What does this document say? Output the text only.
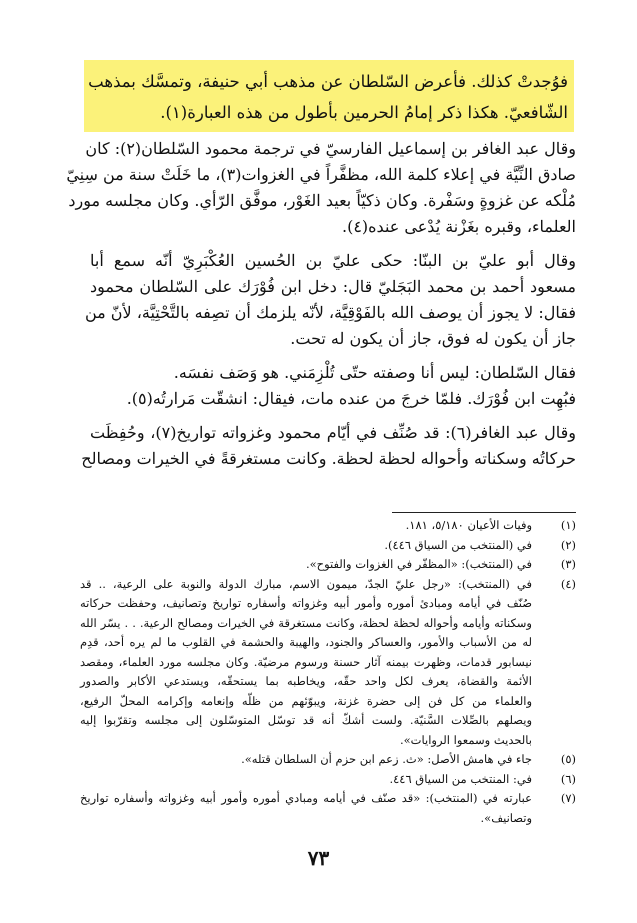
فوُجدتْ كذلك. فأعرض السّلطان عن مذهب أبي حنيفة، وتمسَّك بمذهب
الشّافعيّ. هكذا ذكر إمامُ الحرمين بأطول من هذه العبارة(١).
وقال عبد الغافر بن إسماعيل الفارسيّ في ترجمة محمود السّلطان(٢): كان
صادق النِّيَّة في إعلاء كلمة الله، مظفَّراً في الغزوات(٣)، ما خَلَتْ سنة من سِنِيّ
مُلْكه عن غزوةٍ وسَفْرة. وكان ذكيّاً بعيد الغَوْر، موفَّق الرّأي. وكان مجلسه مورد
العلماء، وقبره بغَزْنة يُدْعى عنده(٤).
وقال أبو عليّ بن البنّا: حكى عليّ بن الحُسين العُكْبَرِيّ أنّه سمع أبا
مسعود أحمد بن محمد البَجَليّ قال: دخل ابن فُوْرَك على السّلطان محمود
فقال: لا يجوز أن يوصف الله بالفَوْقِيَّة، لأنّه يلزمك أن تصِفه بالتَّحْتِيَّة، لأنّ من
جاز أن يكون له فوق، جاز أن يكون له تحت.
فقال السّلطان: ليس أنا وصفته حتّى تُلْزِمَني. هو وَصَف نفسَه.
فبُهِت ابن فُوْرَك. فلمّا خرجَ من عنده مات، فيقال: انشقّت مَرارتُه(٥).
وقال عبد الغافر(٦): قد صُنِّف في أيّام محمود وغزواته تواريخ(٧)، وحُفِظَت
حركاتُه وسكناته وأحواله لحظة لحظة. وكانت مستغرقةً في الخيرات ومصالح
(١)
وفيات الأعيان ٥/١٨٠، ١٨١.
(٢)
في (المنتخب من السياق ٤٤٦).
(٣)
في (المنتخب): «المظفّر في الغزوات والفتوح».
(٤)
في (المنتخب): «رجل عليّ الجدّ، ميمون الاسم، مبارك الدولة والنوبة على الرعية، .. قد
صُنّف في أيامه ومبادئ أموره وأمور أبيه وغزواته وأسفاره تواريخ وتصانيف، وحفظت حركاته
وسكناته وأيامه وأحواله لحظة لحظة، وكانت مستغرقة في الخيرات ومصالح الرعية. . . يسّر الله
له من الأسباب والأمور، والعساكر والجنود، والهيبة والحشمة في القلوب ما لم يره أحد، قدِم
نيسابور قدمات، وظهرت بيمنه آثار حسنة ورسوم مرضيّة. وكان مجلسه مورد العلماء، ومقصد
الأئمة والقضاة، يعرف لكل واحد حقّه، ويخاطبه بما يستحقّه، ويستدعي الأكابر والصدور
والعلماء من كل فن إلى حضرة غزنة، ويبوّئهم من ظلّه وإنعامه وإكرامه المحلّ الرفيع،
ويصلهم بالصِّلات السَّنيّة. ولست أشكّ أنه قد توسّل المتوسّلون إلى مجلسه وتقرّبوا إليه
بالحديث وسمعوا الروايات».
(٥)
جاء في هامش الأصل: «ث. زعم ابن حزم أن السلطان قتله».
(٦)
في: المنتخب من السياق ٤٤٦.
(٧)
عبارته في (المنتخب): «قد صنّف في أيامه ومبادي أموره وأمور أبيه وغزواته وأسفاره تواريخ
وتصانيف».
٧٣
